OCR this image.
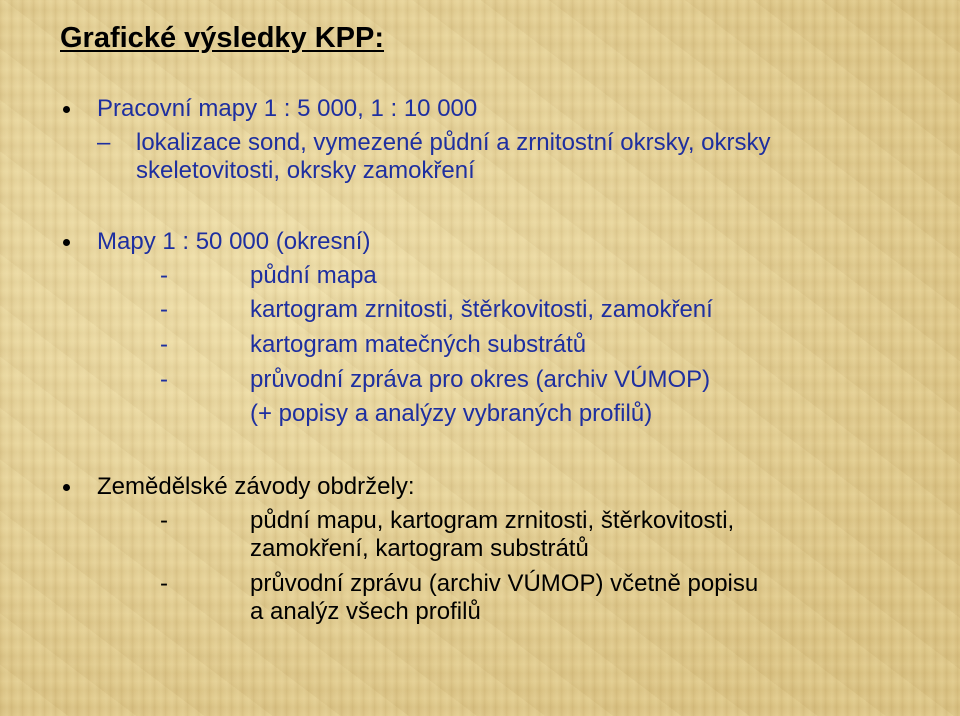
Grafické výsledky KPP:
Pracovní mapy 1 : 5 000, 1 : 10 000
– lokalizace sond, vymezené půdní a zrnitostní okrsky, okrsky
skeletovitosti, okrsky zamokření
Mapy 1 : 50 000 (okresní)
-	půdní mapa
-	kartogram zrnitosti, štěrkovitosti, zamokření
-	kartogram matečných substrátů
-	průvodní zpráva pro okres (archiv VÚMOP)
(+ popisy a analýzy vybraných profilů)
Zemědělské závody obdržely:
-	půdní mapu, kartogram zrnitosti, štěrkovitosti,
zamokření, kartogram substrátů
-	průvodní zprávu (archiv VÚMOP) včetně popisu
a analýz všech profilů
